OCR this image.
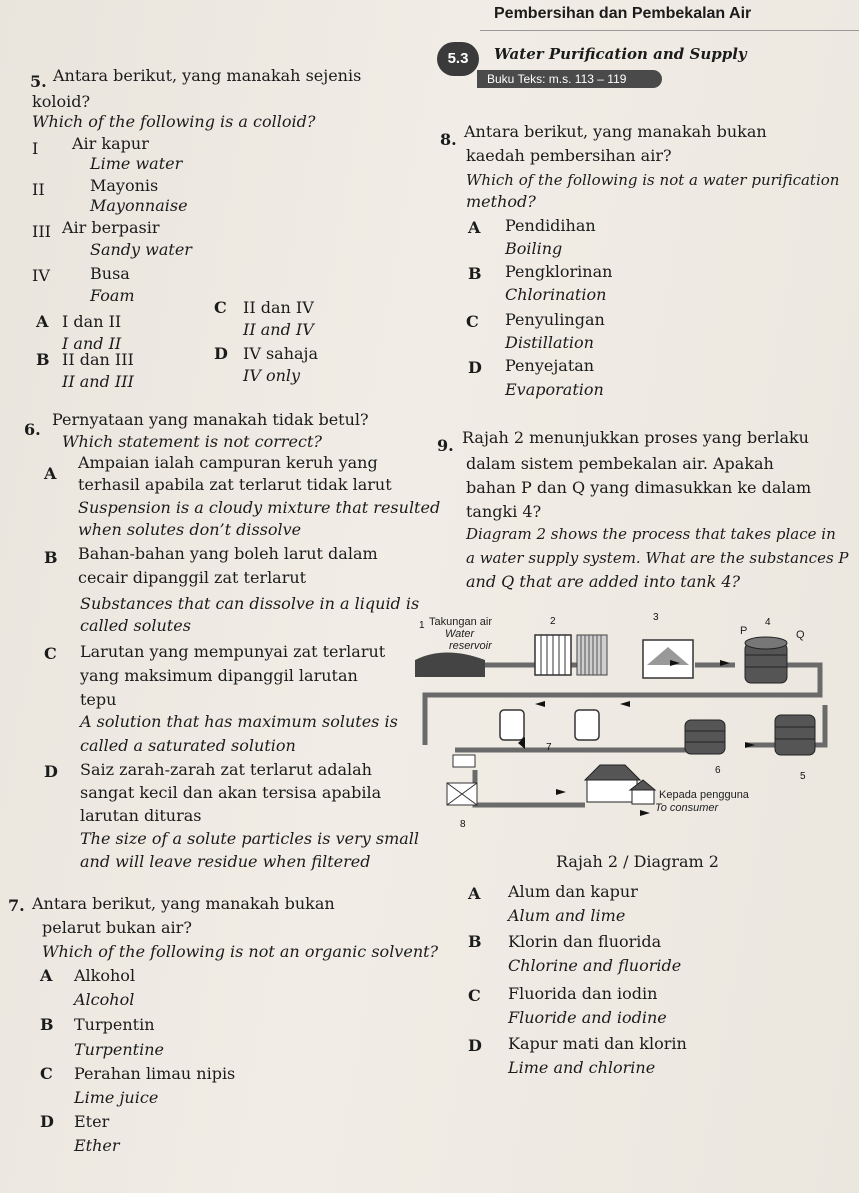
5.3
Pembersihan dan Pembekalan Air
Water Purification and Supply
Buku Teks: m.s. 113 – 119
5. Antara berikut, yang manakah sejenis
koloid?
Which of the following is a colloid?
I Air kapur
Lime water
II	Mayonis
Mayonnaise
III Air berpasir
Sandy water
IV	Busa
Foam
A I dan II
I and II
C II dan IV
II and IV
B II dan III
II and III
D IV sahaja
IV only
6.
Pernyataan yang manakah tidak betul?
Which statement is not correct?
A
Ampaian ialah campuran keruh yang
terhasil apabila zat terlarut tidak larut
Suspension is a cloudy mixture that resulted
when solutes don’t dissolve
B Bahan-bahan yang boleh larut dalam
cecair dipanggil zat terlarut
Substances that can dissolve in a liquid is
called solutes
C Larutan yang mempunyai zat terlarut
yang maksimum dipanggil larutan
tepu
A solution that has maximum solutes is
called a saturated solution
D Saiz zarah-zarah zat terlarut adalah
sangat kecil dan akan tersisa apabila
larutan dituras
The size of a solute particles is very small
and will leave residue when filtered
7. Antara berikut, yang manakah bukan
pelarut bukan air?
Which of the following is not an organic solvent?
A Alkohol
Alcohol
B Turpentin
Turpentine
C Perahan limau nipis
Lime juice
D Eter
Ether
8. Antara berikut, yang manakah bukan
kaedah pembersihan air?
Which of the following is not a water purification
method?
A Pendidihan
Boiling
B Pengklorinan
Chlorination
C Penyulingan
Distillation
D Penyejatan
Evaporation
9. Rajah 2 menunjukkan proses yang berlaku
dalam sistem pembekalan air. Apakah
bahan P dan Q yang dimasukkan ke dalam
tangki 4?
Diagram 2 shows the process that takes place in
a water supply system. What are the substances P
and Q that are added into tank 4?
1 Takungan air
Water
reservoir
2	3	4
5
6
7
8
P	Q
Kepada pengguna
To consumer
Rajah 2 / Diagram 2
A Alum dan kapur
Alum and lime
B Klorin dan fluorida
Chlorine and fluoride
C Fluorida dan iodin
Fluoride and iodine
D Kapur mati dan klorin
Lime and chlorine
